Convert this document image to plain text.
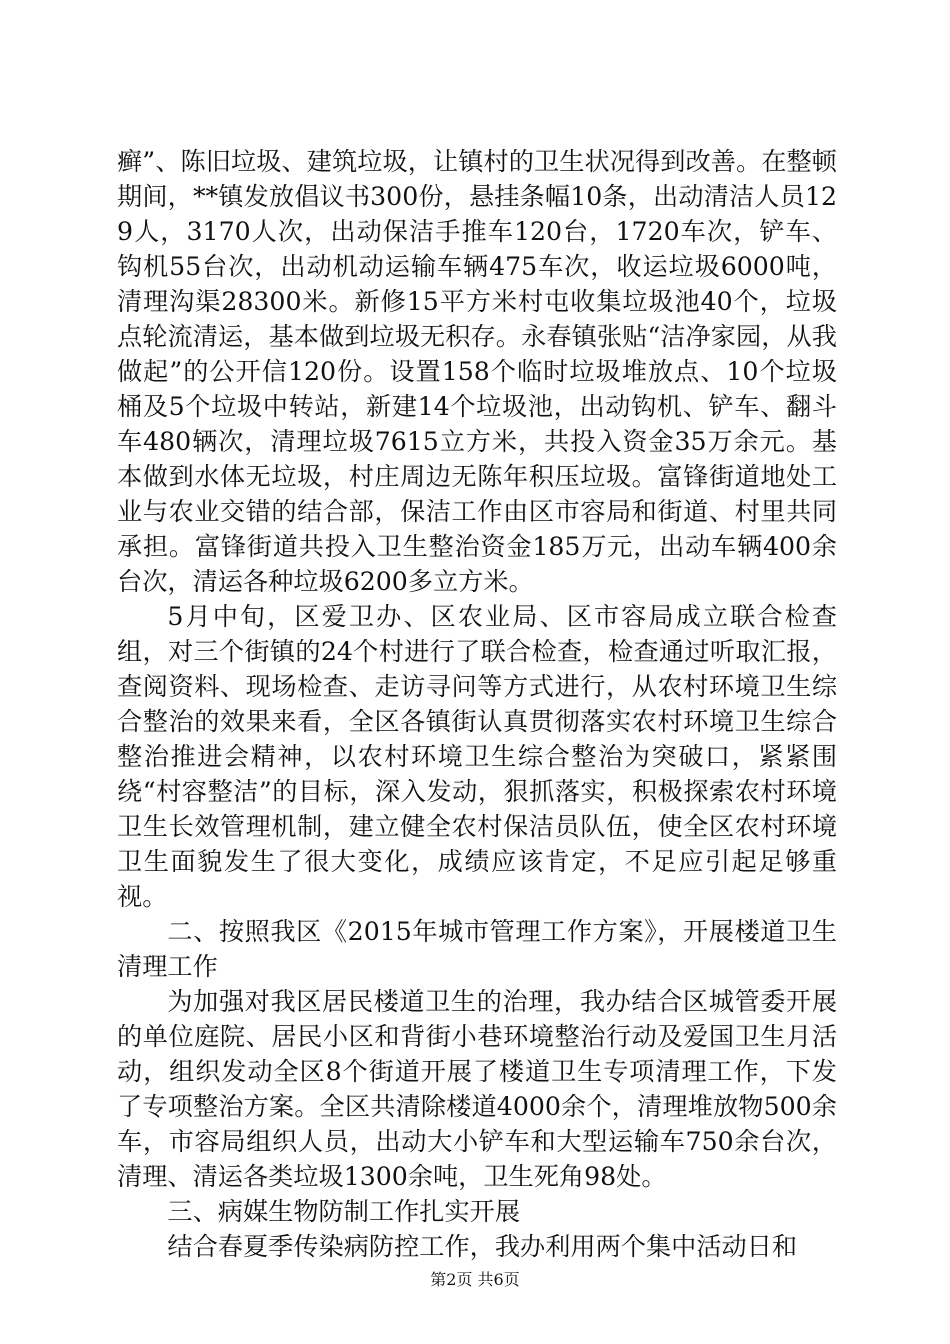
癣”、陈旧垃圾、建筑垃圾，让镇村的卫生状况得到改善。在整顿期间，**镇发放倡议书300份，悬挂条幅10条，出动清洁人员129人，3170人次，出动保洁手推车120台，1720车次，铲车、钩机55台次，出动机动运输车辆475车次，收运垃圾6000吨，清理沟渠28300米。新修15平方米村屯收集垃圾池40个，垃圾点轮流清运，基本做到垃圾无积存。永春镇张贴“洁净家园，从我做起”的公开信120份。设置158个临时垃圾堆放点、10个垃圾桶及5个垃圾中转站，新建14个垃圾池，出动钩机、铲车、翻斗车480辆次，清理垃圾7615立方米，共投入资金35万余元。基本做到水体无垃圾，村庄周边无陈年积压垃圾。富锋街道地处工业与农业交错的结合部，保洁工作由区市容局和街道、村里共同承担。富锋街道共投入卫生整治资金185万元，出动车辆400余台次，清运各种垃圾6200多立方米。

5月中旬，区爱卫办、区农业局、区市容局成立联合检查组，对三个街镇的24个村进行了联合检查，检查通过听取汇报，查阅资料、现场检查、走访寻问等方式进行，从农村环境卫生综合整治的效果来看，全区各镇街认真贯彻落实农村环境卫生综合整治推进会精神，以农村环境卫生综合整治为突破口，紧紧围绕“村容整洁”的目标，深入发动，狠抓落实，积极探索农村环境卫生长效管理机制，建立健全农村保洁员队伍，使全区农村环境卫生面貌发生了很大变化，成绩应该肯定，不足应引起足够重视。

二、按照我区《2015年城市管理工作方案》，开展楼道卫生清理工作

为加强对我区居民楼道卫生的治理，我办结合区城管委开展的单位庭院、居民小区和背街小巷环境整治行动及爱国卫生月活动，组织发动全区8个街道开展了楼道卫生专项清理工作，下发了专项整治方案。全区共清除楼道4000余个，清理堆放物500余车，市容局组织人员，出动大小铲车和大型运输车750余台次，清理、清运各类垃圾1300余吨，卫生死角98处。

三、病媒生物防制工作扎实开展

结合春夏季传染病防控工作，我办利用两个集中活动日和

第2页 共6页
